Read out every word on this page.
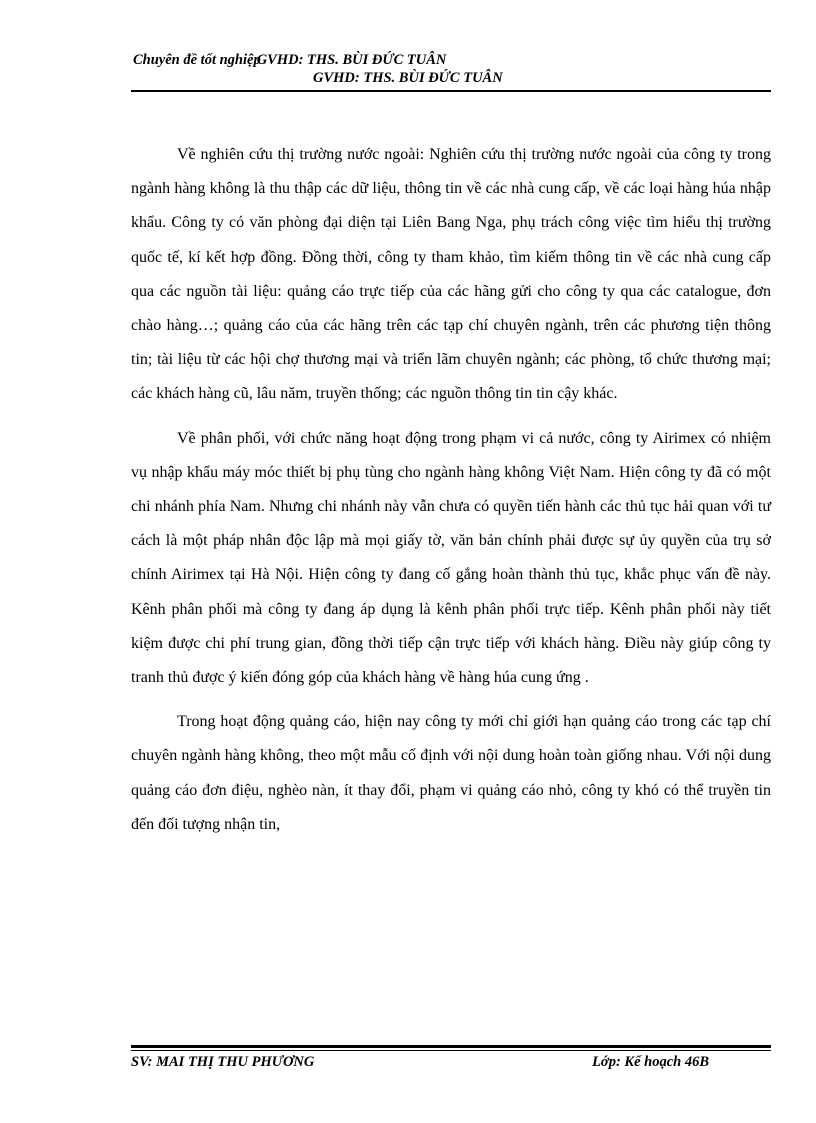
Chuyên đề tốt nghiệpGVHD: THS. BÙI ĐỨC TUÂN
GVHD: THS. BÙI ĐỨC TUÂN

Về nghiên cứu thị trường nước ngoài: Nghiên cứu thị trường nước ngoài của công ty trong ngành hàng không là thu thập các dữ liệu, thông tin về các nhà cung cấp, về các loại hàng húa nhập khẩu. Công ty có văn phòng đại diện tại Liên Bang Nga, phụ trách công việc tìm hiểu thị trường quốc tế, kí kết hợp đồng. Đồng thời, công ty tham khảo, tìm kiếm thông tin về các nhà cung cấp qua các nguồn tài liệu: quảng cáo trực tiếp của các hãng gửi cho công ty qua các catalogue, đơn chào hàng…; quảng cáo của các hãng trên các tạp chí chuyên ngành, trên các phương tiện thông tin; tài liệu từ các hội chợ thương mại và triển lãm chuyên ngành; các phòng, tổ chức thương mại; các khách hàng cũ, lâu năm, truyền thống; các nguồn thông tin tin cậy khác.

Về phân phối, với chức năng hoạt động trong phạm vi cả nước, công ty Airimex có nhiệm vụ nhập khẩu máy móc thiết bị phụ tùng cho ngành hàng không Việt Nam. Hiện công ty đã có một chi nhánh phía Nam. Nhưng chi nhánh này vẫn chưa có quyền tiến hành các thủ tục hải quan với tư cách là một pháp nhân độc lập mà mọi giấy tờ, văn bản chính phải được sự ủy quyền của trụ sở chính Airimex tại Hà Nội. Hiện công ty đang cố gắng hoàn thành thủ tục, khắc phục vấn đề này. Kênh phân phối mà công ty đang áp dụng là kênh phân phối trực tiếp. Kênh phân phối này tiết kiệm được chi phí trung gian, đồng thời tiếp cận trực tiếp với khách hàng. Điều này giúp công ty tranh thủ được ý kiến đóng góp của khách hàng về hàng húa cung ứng .

Trong hoạt động quảng cáo, hiện nay công ty mới chỉ giới hạn quảng cáo trong các tạp chí chuyên ngành hàng không, theo một mẫu cố định với nội dung hoàn toàn giống nhau. Với nội dung quảng cáo đơn điệu, nghèo nàn, ít thay đổi, phạm vi quảng cáo nhỏ, công ty khó có thể truyền tin đến đối tượng nhận tin,

SV: MAI THỊ THU PHƯƠNG	Lớp: Kế hoạch 46B
